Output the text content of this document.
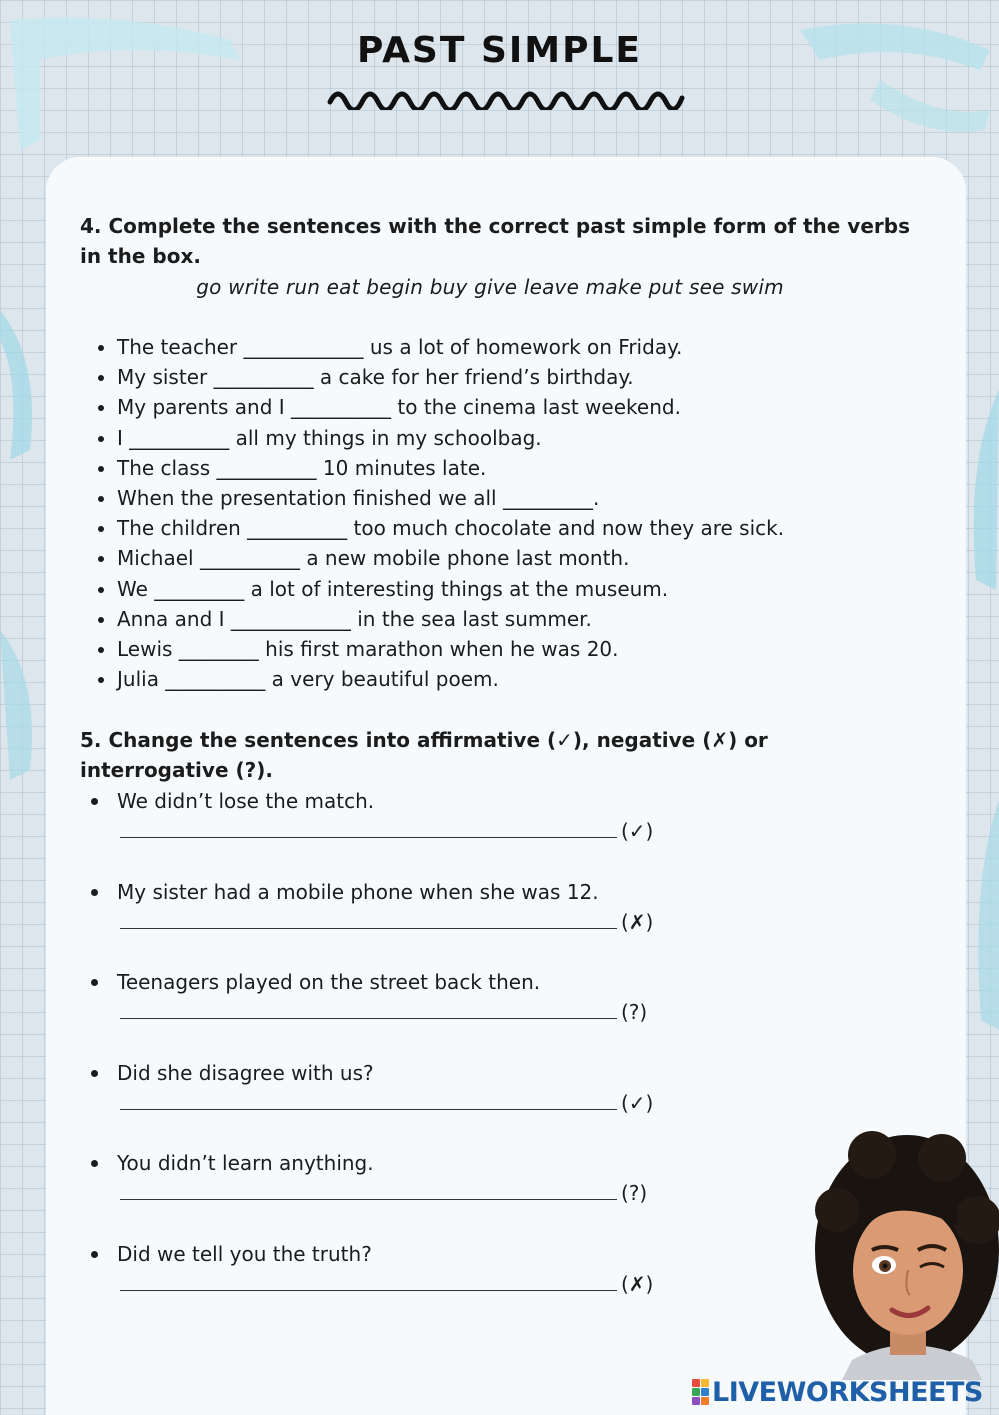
PAST SIMPLE
4. Complete the sentences with the correct past simple form of the verbs in the box.
go write run eat begin buy give leave make put see swim
• The teacher ____________ us a lot of homework on Friday.
• My sister __________ a cake for her friend’s birthday.
• My parents and I __________ to the cinema last weekend.
• I __________ all my things in my schoolbag.
• The class __________ 10 minutes late.
• When the presentation finished we all _________.
• The children __________ too much chocolate and now they are sick.
• Michael __________ a new mobile phone last month.
• We _________ a lot of interesting things at the museum.
• Anna and I ____________ in the sea last summer.
• Lewis ________ his first marathon when he was 20.
• Julia __________ a very beautiful poem.
5. Change the sentences into affirmative (✓), negative (✗) or interrogative (?).
We didn’t lose the match.
(✓)
My sister had a mobile phone when she was 12.
(✗)
Teenagers played on the street back then.
(?)
Did she disagree with us?
(✓)
You didn’t learn anything.
(?)
Did we tell you the truth?
(✗)
LIVEWORKSHEETS
